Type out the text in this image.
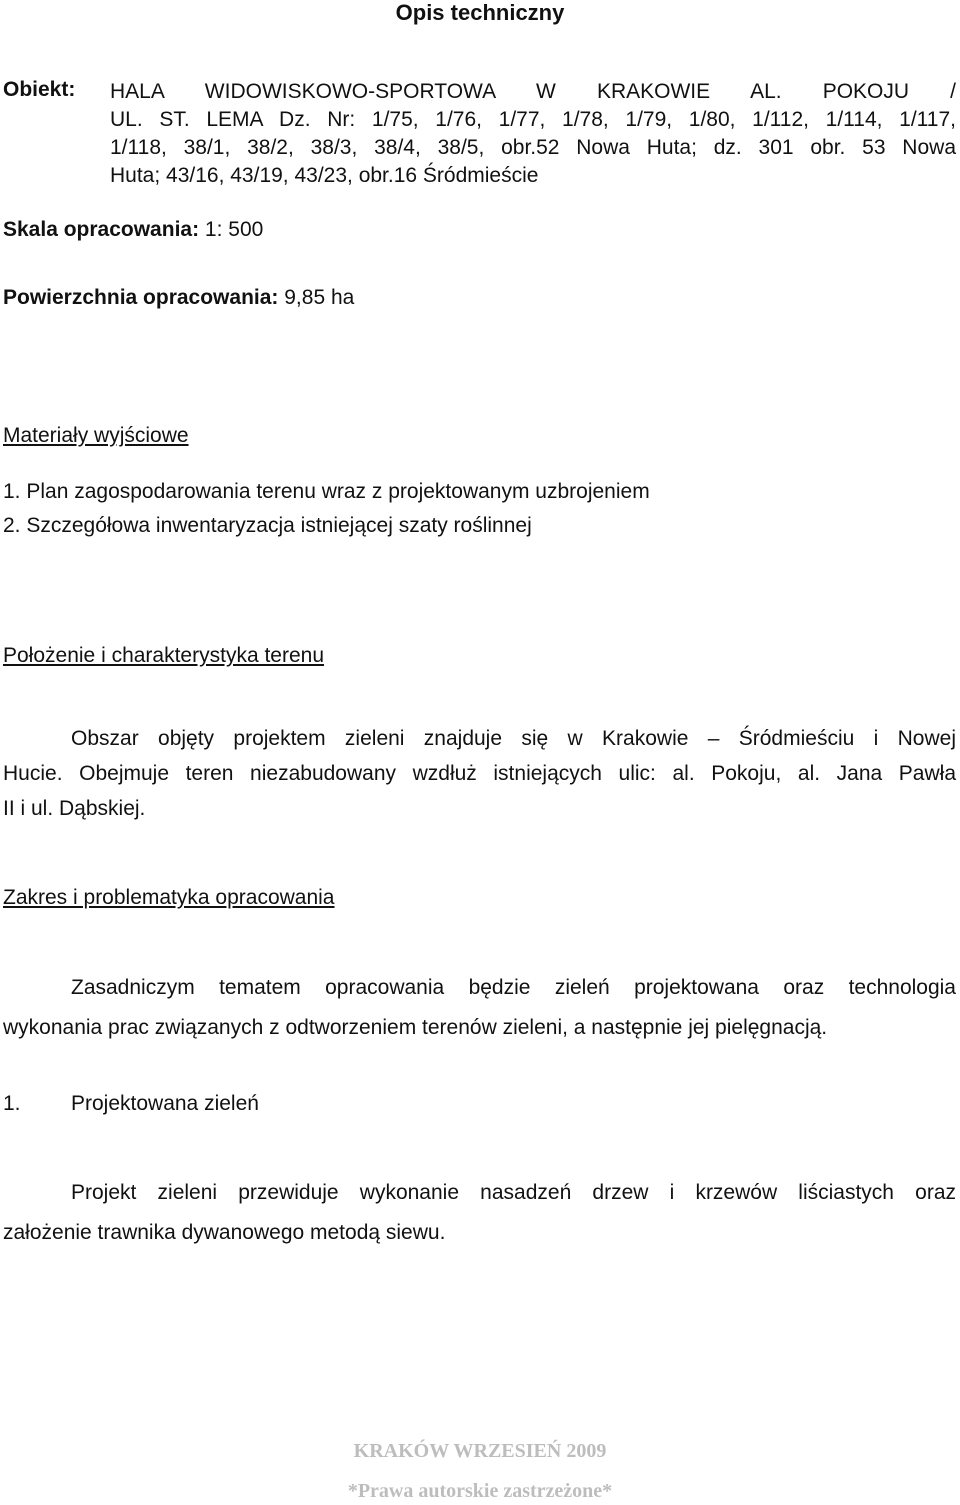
Opis techniczny
Obiekt: HALA WIDOWISKOWO-SPORTOWA W KRAKOWIE AL. POKOJU /
UL. ST. LEMA Dz. Nr: 1/75, 1/76, 1/77, 1/78, 1/79, 1/80, 1/112, 1/114, 1/117,
1/118, 38/1, 38/2, 38/3, 38/4, 38/5, obr.52 Nowa Huta; dz. 301 obr. 53 Nowa
Huta; 43/16, 43/19, 43/23, obr.16 Śródmieście
Skala opracowania: 1: 500
Powierzchnia opracowania: 9,85 ha
Materiały wyjściowe
1. Plan zagospodarowania terenu wraz z projektowanym uzbrojeniem
2. Szczegółowa inwentaryzacja istniejącej szaty roślinnej
Położenie i charakterystyka terenu
Obszar objęty projektem zieleni znajduje się w Krakowie – Śródmieściu i Nowej
Hucie. Obejmuje teren niezabudowany wzdłuż istniejących ulic: al. Pokoju, al. Jana Pawła
II i ul. Dąbskiej.
Zakres i problematyka opracowania
Zasadniczym tematem opracowania będzie zieleń projektowana oraz technologia
wykonania prac związanych z odtworzeniem terenów zieleni, a następnie jej pielęgnacją.
1. Projektowana zieleń
Projekt zieleni przewiduje wykonanie nasadzeń drzew i krzewów liściastych oraz
założenie trawnika dywanowego metodą siewu.
KRAKÓW WRZESIEŃ 2009
*Prawa autorskie zastrzeżone*
